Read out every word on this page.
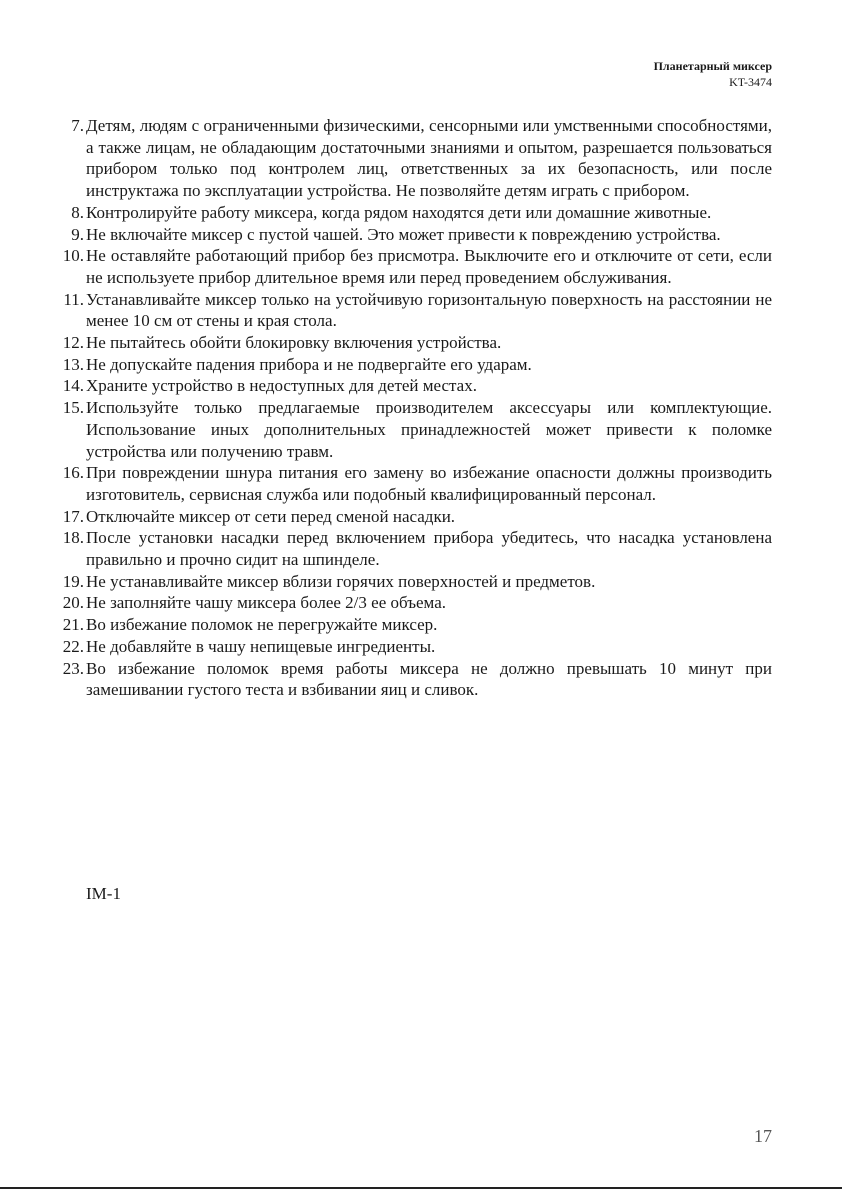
Планетарный миксер
KT-3474
7. Детям, людям с ограниченными физическими, сенсорными или умственными способностями, а также лицам, не обладающим достаточными знаниями и опытом, разрешается пользоваться прибором только под контролем лиц, ответственных за их безопасность, или после инструктажа по эксплуатации устройства. Не позволяйте детям играть с прибором.
8. Контролируйте работу миксера, когда рядом находятся дети или домашние животные.
9. Не включайте миксер с пустой чашей. Это может привести к повреждению устройства.
10. Не оставляйте работающий прибор без присмотра. Выключите его и отключите от сети, если не используете прибор длительное время или перед проведением обслуживания.
11. Устанавливайте миксер только на устойчивую горизонтальную поверхность на расстоянии не менее 10 см от стены и края стола.
12. Не пытайтесь обойти блокировку включения устройства.
13. Не допускайте падения прибора и не подвергайте его ударам.
14. Храните устройство в недоступных для детей местах.
15. Используйте только предлагаемые производителем аксессуары или комплектующие. Использование иных дополнительных принадлежностей может привести к поломке устройства или получению травм.
16. При повреждении шнура питания его замену во избежание опасности должны производить изготовитель, сервисная служба или подобный квалифицированный персонал.
17. Отключайте миксер от сети перед сменой насадки.
18. После установки насадки перед включением прибора убедитесь, что насадка установлена правильно и прочно сидит на шпинделе.
19. Не устанавливайте миксер вблизи горячих поверхностей и предметов.
20. Не заполняйте чашу миксера более 2/3 ее объема.
21. Во избежание поломок не перегружайте миксер.
22. Не добавляйте в чашу непищевые ингредиенты.
23. Во избежание поломок время работы миксера не должно превышать 10 минут при замешивании густого теста и взбивании яиц и сливок.
IM-1
17
